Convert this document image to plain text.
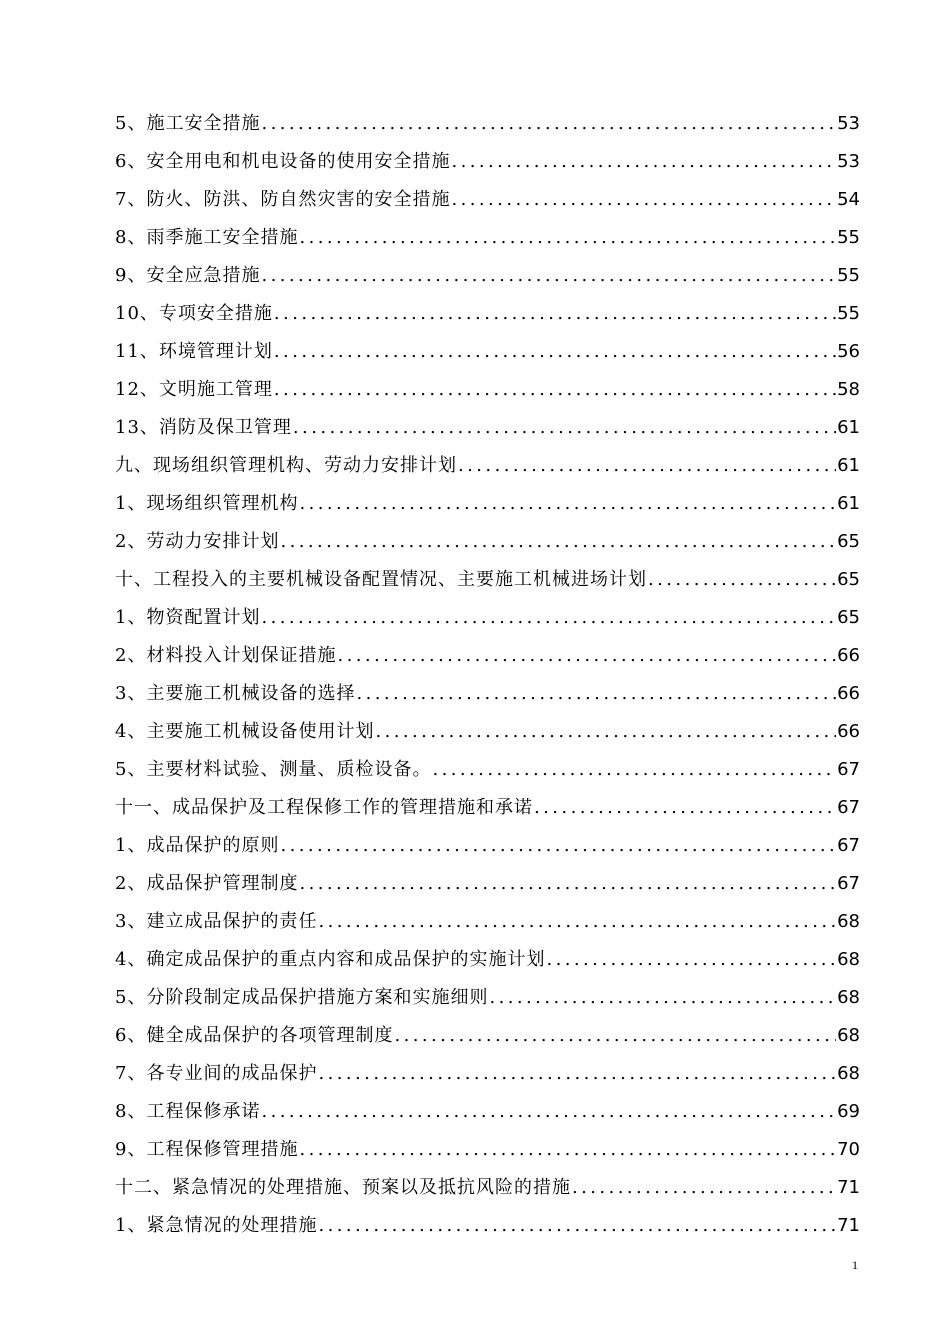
5、施工安全措施 . . .	53
6、安全用电和机电设备的使用安全措施 . . .	53
7、防火、防洪、防自然灾害的安全措施 . . .	54
8、雨季施工安全措施 . . .	55
9、安全应急措施 . . .	55
10、专项安全措施 . . .	55
11、环境管理计划 . . .	56
12、文明施工管理 . . .	58
13、消防及保卫管理 . . .	61
九、现场组织管理机构、劳动力安排计划 . . .	61
1、现场组织管理机构 . . .	61
2、劳动力安排计划 . . .	65
十、工程投入的主要机械设备配置情况、主要施工机械进场计划 . . .	65
1、物资配置计划 . . .	65
2、材料投入计划保证措施 . . .	66
3、主要施工机械设备的选择 . . .	66
4、主要施工机械设备使用计划 . . .	66
5、主要材料试验、测量、质检设备。 . . .	67
十一、成品保护及工程保修工作的管理措施和承诺 . . .	67
1、成品保护的原则 . . .	67
2、成品保护管理制度 . . .	67
3、建立成品保护的责任 . . .	68
4、确定成品保护的重点内容和成品保护的实施计划 . . .	68
5、分阶段制定成品保护措施方案和实施细则 . . .	68
6、健全成品保护的各项管理制度 . . .	68
7、各专业间的成品保护 . . .	68
8、工程保修承诺 . . .	69
9、工程保修管理措施 . . .	70
十二、紧急情况的处理措施、预案以及抵抗风险的措施 . . .	71
1、紧急情况的处理措施 . . .	71
1
